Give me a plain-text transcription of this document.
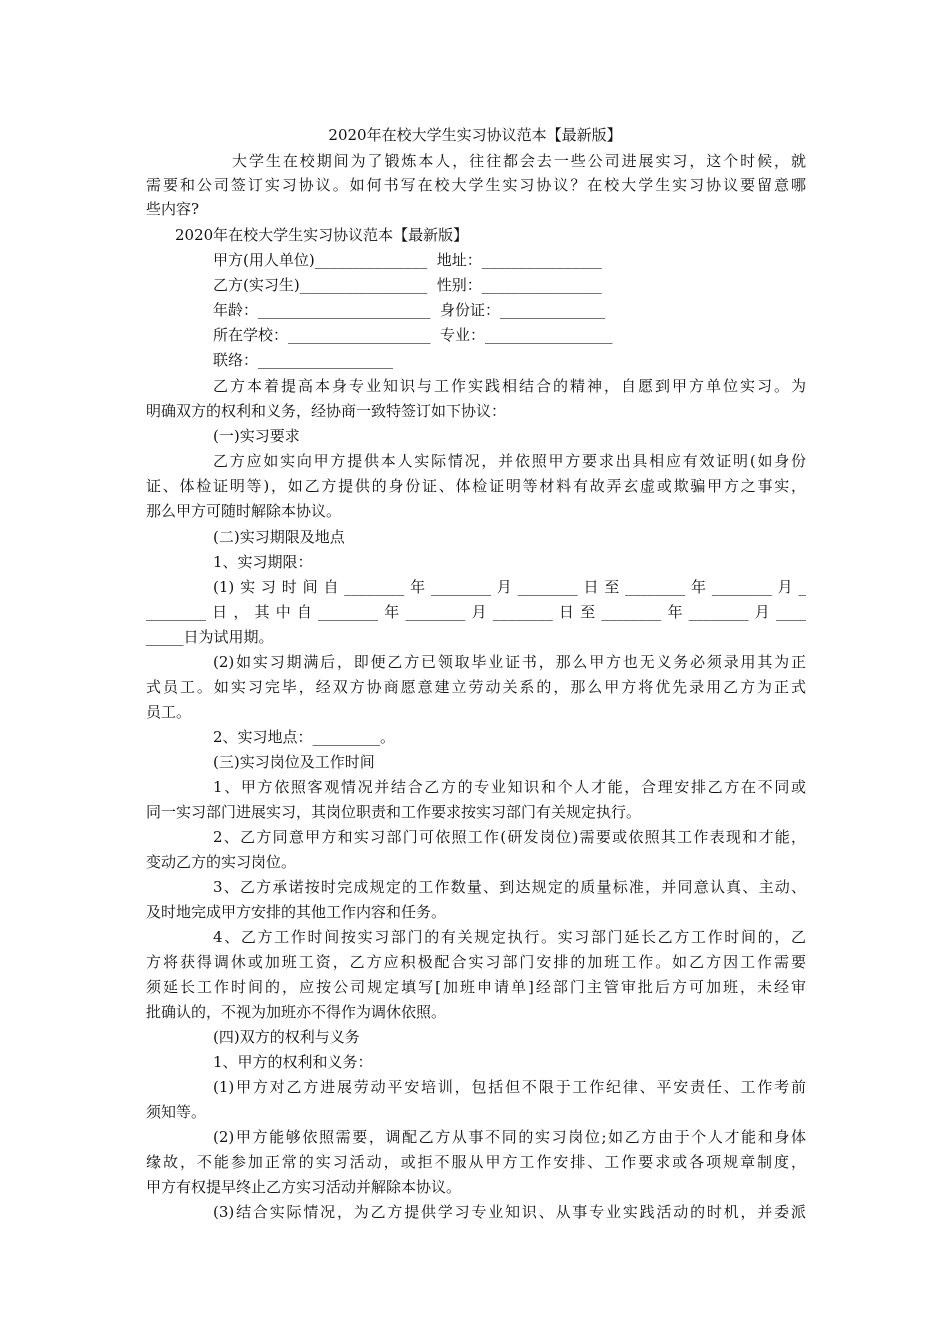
2020年在校大学生实习协议范本【最新版】
大学生在校期间为了锻炼本人，往往都会去一些公司进展实习，这个时候，就
需要和公司签订实习协议。如何书写在校大学生实习协议？在校大学生实习协议要留意哪
些内容?
2020年在校大学生实习协议范本【最新版】
甲方(用人单位)_______________  地址：________________
乙方(实习生)_________________  性别：________________
年龄：_______________________  身份证：______________
所在学校：___________________  专业：_________________
联络：__________________
乙方本着提高本身专业知识与工作实践相结合的精神，自愿到甲方单位实习。为
明确双方的权利和义务，经协商一致特签订如下协议：
(一)实习要求
乙方应如实向甲方提供本人实际情况，并依照甲方要求出具相应有效证明(如身份
证、体检证明等)，如乙方提供的身份证、体检证明等材料有故弄玄虚或欺骗甲方之事实，
那么甲方可随时解除本协议。
(二)实习期限及地点
1、实习期限：
(1)实习时间自________年________月________日至________年________月_
________日，其中自________年________月________日至________年________月____
_____日为试用期。
(2)如实习期满后，即便乙方已领取毕业证书，那么甲方也无义务必须录用其为正
式员工。如实习完毕，经双方协商愿意建立劳动关系的，那么甲方将优先录用乙方为正式
员工。
2、实习地点：_________。
(三)实习岗位及工作时间
1、甲方依照客观情况并结合乙方的专业知识和个人才能，合理安排乙方在不同或
同一实习部门进展实习，其岗位职责和工作要求按实习部门有关规定执行。
2、乙方同意甲方和实习部门可依照工作(研发岗位)需要或依照其工作表现和才能，
变动乙方的实习岗位。
3、乙方承诺按时完成规定的工作数量、到达规定的质量标准，并同意认真、主动、
及时地完成甲方安排的其他工作内容和任务。
4、乙方工作时间按实习部门的有关规定执行。实习部门延长乙方工作时间的，乙
方将获得调休或加班工资，乙方应积极配合实习部门安排的加班工作。如乙方因工作需要
须延长工作时间的，应按公司规定填写[加班申请单]经部门主管审批后方可加班，未经审
批确认的，不视为加班亦不得作为调休依照。
(四)双方的权利与义务
1、甲方的权利和义务：
(1)甲方对乙方进展劳动平安培训，包括但不限于工作纪律、平安责任、工作考前
须知等。
(2)甲方能够依照需要，调配乙方从事不同的实习岗位;如乙方由于个人才能和身体
缘故，不能参加正常的实习活动，或拒不服从甲方工作安排、工作要求或各项规章制度，
甲方有权提早终止乙方实习活动并解除本协议。
(3)结合实际情况，为乙方提供学习专业知识、从事专业实践活动的时机，并委派
